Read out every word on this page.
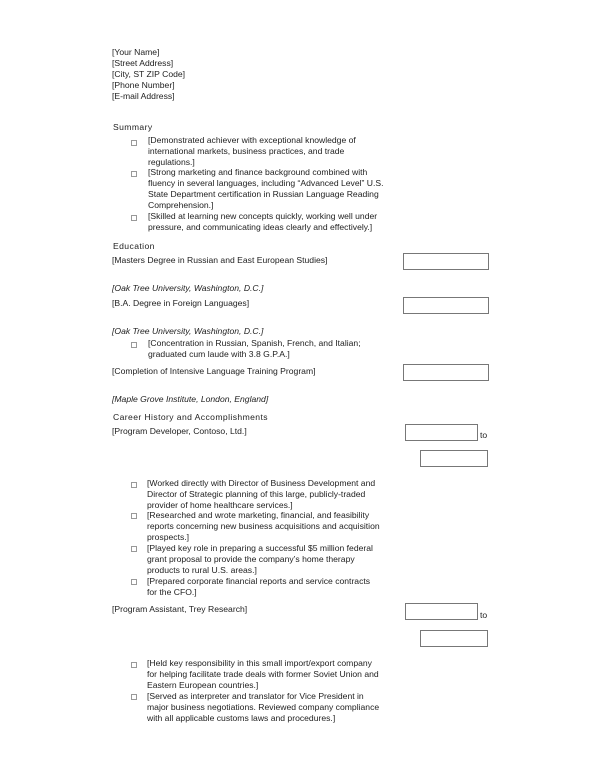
[Your Name]
[Street Address]
[City, ST ZIP Code]
[Phone Number]
[E-mail Address]
Summary
[Demonstrated achiever with exceptional knowledge of
international markets, business practices, and trade
regulations.]
[Strong marketing and finance background combined with
fluency in several languages, including “Advanced Level” U.S.
State Department certification in Russian Language Reading
Comprehension.]
[Skilled at learning new concepts quickly, working well under
pressure, and communicating ideas clearly and effectively.]
Education
[Masters Degree in Russian and East European Studies]
[Oak Tree University, Washington, D.C.]
[B.A. Degree in Foreign Languages]
[Oak Tree University, Washington, D.C.]
[Concentration in Russian, Spanish, French, and Italian;
graduated cum laude with 3.8 G.P.A.]
[Completion of Intensive Language Training Program]
[Maple Grove Institute, London, England]
Career History and Accomplishments
[Program Developer, Contoso, Ltd.]	to
[Worked directly with Director of Business Development and
Director of Strategic planning of this large, publicly-traded
provider of home healthcare services.]
[Researched and wrote marketing, financial, and feasibility
reports concerning new business acquisitions and acquisition
prospects.]
[Played key role in preparing a successful $5 million federal
grant proposal to provide the company’s home therapy
products to rural U.S. areas.]
[Prepared corporate financial reports and service contracts
for the CFO.]
[Program Assistant, Trey Research]
to
[Held key responsibility in this small import/export company
for helping facilitate trade deals with former Soviet Union and
Eastern European countries.]
[Served as interpreter and translator for Vice President in
major business negotiations. Reviewed company compliance
with all applicable customs laws and procedures.]
